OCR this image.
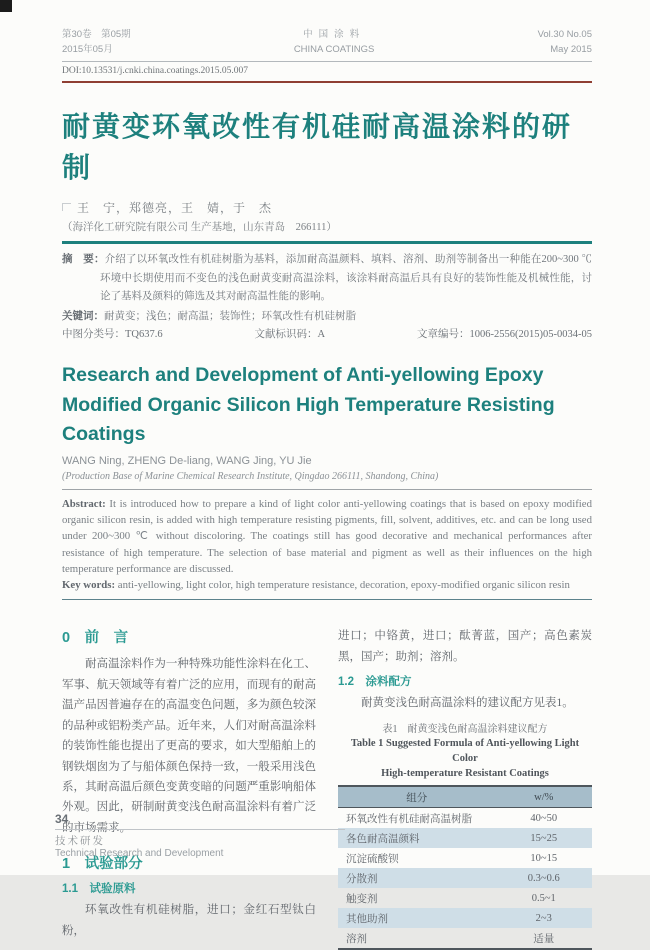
第30卷　第05期
2015年05月
中国涂料
CHINA COATINGS
Vol.30 No.05
May 2015
DOI:10.13531/j.cnki.china.coatings.2015.05.007
耐黄变环氧改性有机硅耐高温涂料的研制
王　宁，郑德亮，王　婧，于　杰
（海洋化工研究院有限公司 生产基地，山东青岛　266111）

摘　要：介绍了以环氧改性有机硅树脂为基料，添加耐高温颜料、填料、溶剂、助剂等制备出一种能在200~300 ℃环境中长期使用而不变色的浅色耐黄变耐高温涂料，该涂料耐高温后具有良好的装饰性能及机械性能，讨论了基料及颜料的筛选及其对耐高温性能的影响。

关键词：耐黄变；浅色；耐高温；装饰性；环氧改性有机硅树脂

中图分类号：TQ637.6	文献标识码：A	文章编号：1006-2556(2015)05-0034-05
Research and Development of Anti-yellowing Epoxy Modified Organic Silicon High Temperature Resisting Coatings
WANG Ning, ZHENG De-liang, WANG Jing, YU Jie
(Production Base of Marine Chemical Research Institute, Qingdao 266111, Shandong, China)

Abstract: It is introduced how to prepare a kind of light color anti-yellowing coatings that is based on epoxy modified organic silicon resin, is added with high temperature resisting pigments, fill, solvent, additives, etc. and can be long used under 200~300 ℃ without discoloring. The coatings still has good decorative and mechanical performances after resistance of high temperature. The selection of base material and pigment as well as their influences on the high temperature performance are discussed.

Key words: anti-yellowing, light color, high temperature resistance, decoration, epoxy-modified organic silicon resin

0　前　言

耐高温涂料作为一种特殊功能性涂料在化工、军事、航天领域等有着广泛的应用，而现有的耐高温产品因普遍存在的高温变色问题，多为颜色较深的品种或铝粉类产品。近年来，人们对耐高温涂料的装饰性能也提出了更高的要求，如大型船舶上的钢铁烟囱为了与船体颜色保持一致，一般采用浅色系，其耐高温后颜色变黄变暗的问题严重影响船体外观。因此，研制耐黄变浅色耐高温涂料有着广泛的市场需求。

1　试验部分
1.1　试验原料

环氧改性有机硅树脂，进口；金红石型钛白粉，

进口；中铬黄，进口；酞菁蓝，国产；高色素炭黑，国产；助剂；溶剂。

1.2　涂料配方

耐黄变浅色耐高温涂料的建议配方见表1。

表1　耐黄变浅色耐高温涂料建议配方
Table 1 Suggested Formula of Anti-yellowing Light Color
High-temperature Resistant Coatings
组分	w/%
环氧改性有机硅耐高温树脂	40~50
各色耐高温颜料	15~25
沉淀硫酸钡	10~15
分散剂	0.3~0.6
触变剂	0.5~1
其他助剂	2~3
溶剂	适量
34
技术研发
Technical Research and Development
